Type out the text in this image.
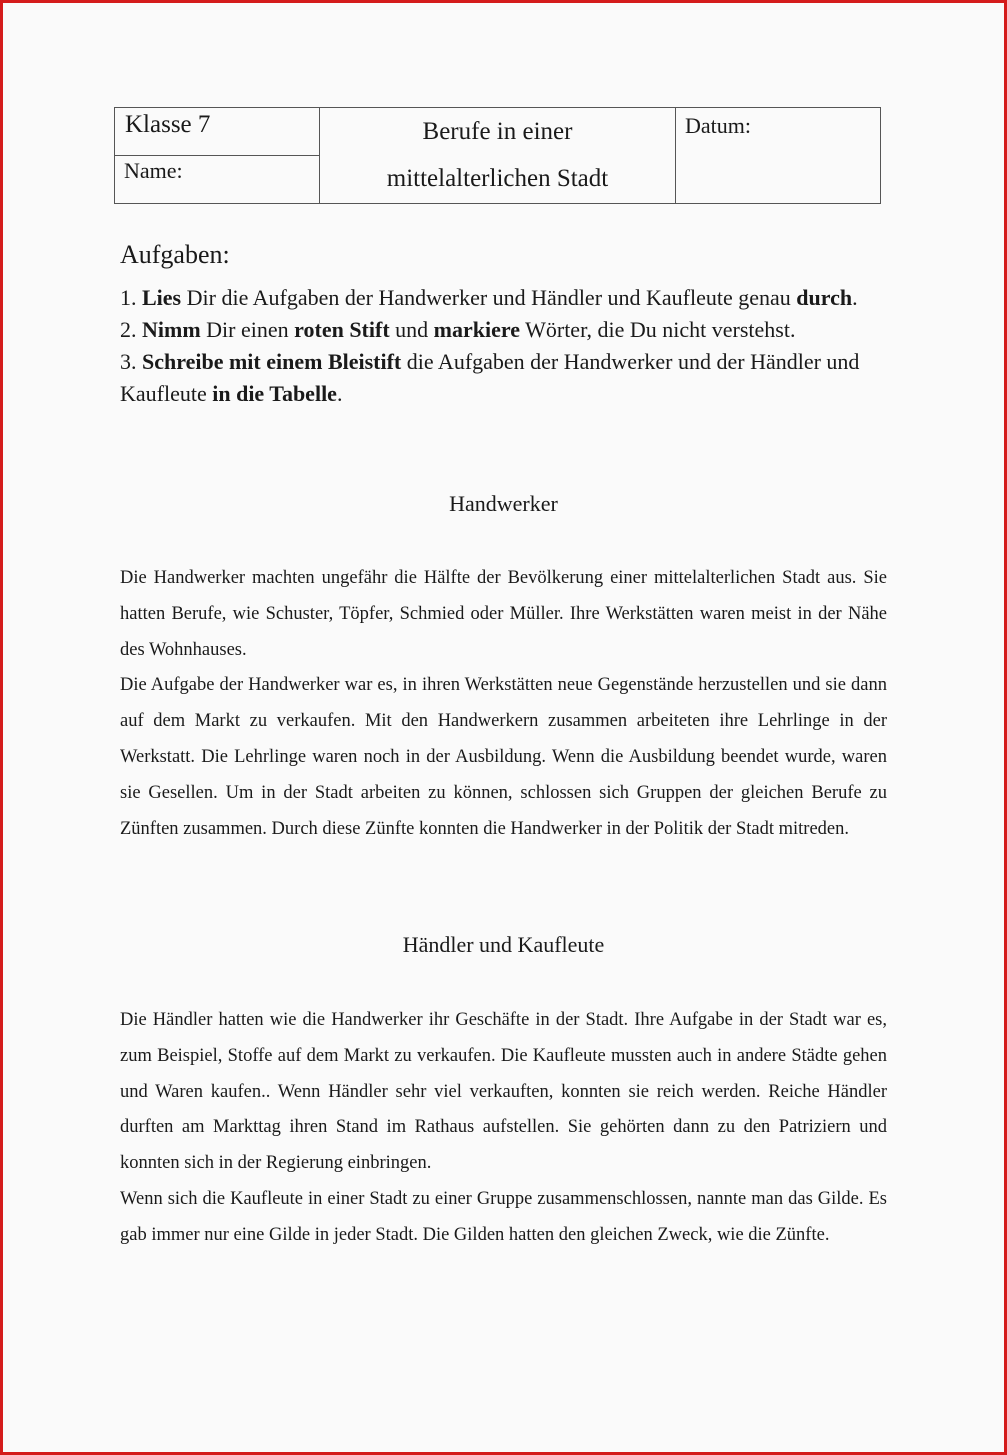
Klasse 7
Name:
Berufe in einer
mittelalterlichen Stadt
Datum:
Aufgaben:
1. Lies Dir die Aufgaben der Handwerker und Händler und Kaufleute genau durch.
2. Nimm Dir einen roten Stift und markiere Wörter, die Du nicht verstehst.
3. Schreibe mit einem Bleistift die Aufgaben der Handwerker und der Händler und Kaufleute in die Tabelle.
Handwerker

Die Handwerker machten ungefähr die Hälfte der Bevölkerung einer mittelalterlichen Stadt aus. Sie hatten Berufe, wie Schuster, Töpfer, Schmied oder Müller. Ihre Werkstätten waren meist in der Nähe des Wohnhauses.

Die Aufgabe der Handwerker war es, in ihren Werkstätten neue Gegenstände herzustellen und sie dann auf dem Markt zu verkaufen. Mit den Handwerkern zusammen arbeiteten ihre Lehrlinge in der Werkstatt. Die Lehrlinge waren noch in der Ausbildung. Wenn die Ausbildung beendet wurde, waren sie Gesellen. Um in der Stadt arbeiten zu können, schlossen sich Gruppen der gleichen Berufe zu Zünften zusammen. Durch diese Zünfte konnten die Handwerker in der Politik der Stadt mitreden.

Händler und Kaufleute

Die Händler hatten wie die Handwerker ihr Geschäfte in der Stadt. Ihre Aufgabe in der Stadt war es, zum Beispiel, Stoffe auf dem Markt zu verkaufen. Die Kaufleute mussten auch in andere Städte gehen und Waren kaufen.. Wenn Händler sehr viel verkauften, konnten sie reich werden. Reiche Händler durften am Markttag ihren Stand im Rathaus aufstellen. Sie gehörten dann zu den Patriziern und konnten sich in der Regierung einbringen.

Wenn sich die Kaufleute in einer Stadt zu einer Gruppe zusammenschlossen, nannte man das Gilde. Es gab immer nur eine Gilde in jeder Stadt. Die Gilden hatten den gleichen Zweck, wie die Zünfte.
